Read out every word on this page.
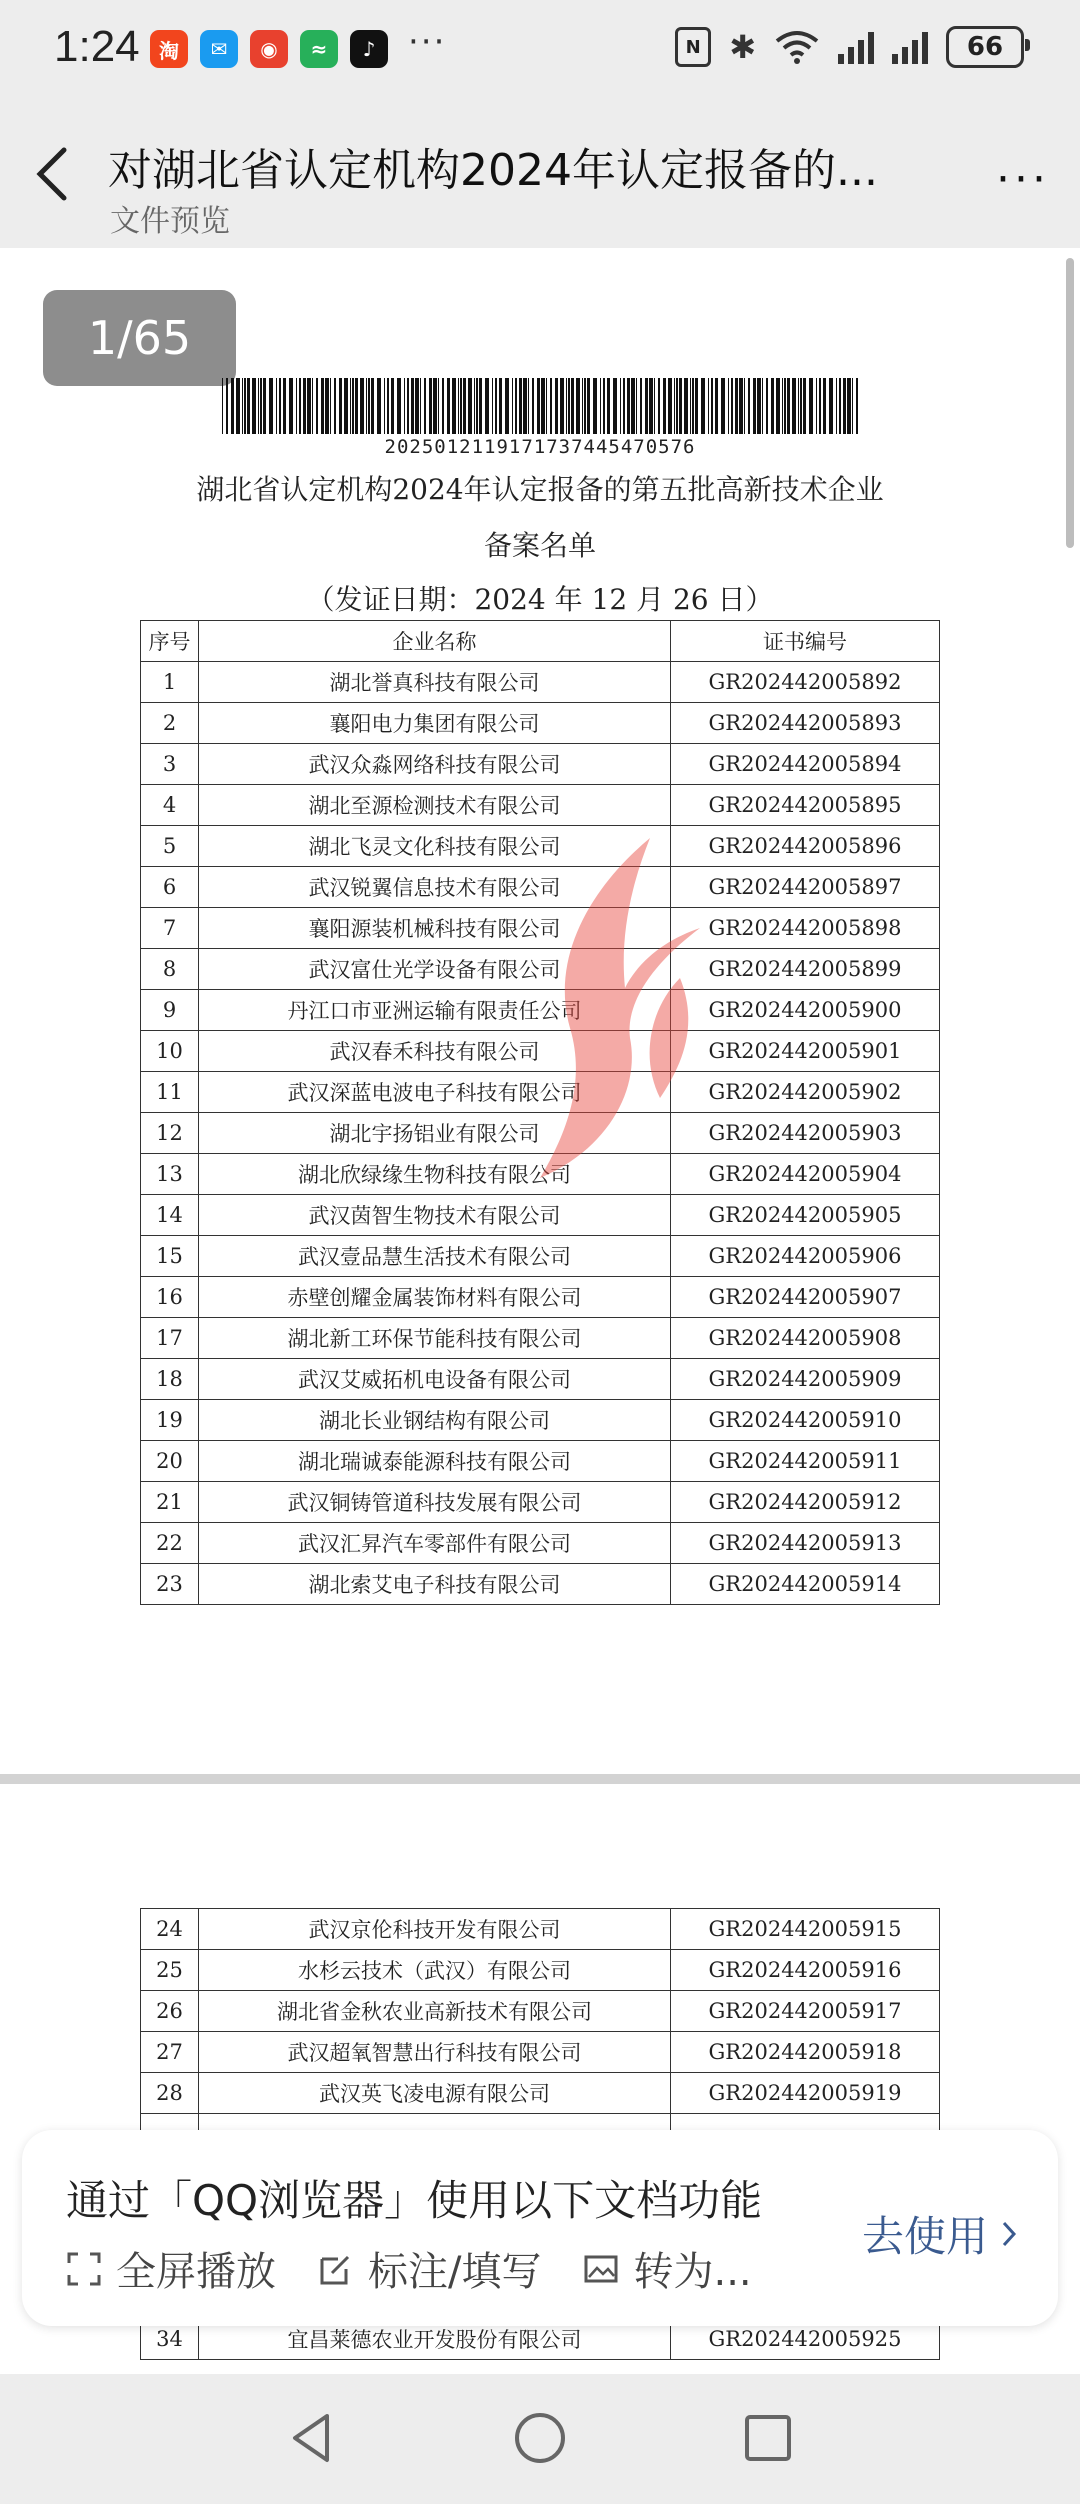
1:24 淘	✉	◉	≈	♪ ···	N ✱	66
对湖北省认定机构2024年认定报备的...
文件预览
···
1/65
20250121191717374454705​76
湖北省认定机构2024年认定报备的第五批高新技术企业
备案名单
（发证日期：2024 年 12 月 26 日）
序号	企业名称	证书编号
1	湖北誉真科技有限公司	GR202442005892
2	襄阳电力集团有限公司	GR202442005893
3	武汉众淼网络科技有限公司	GR202442005894
4	湖北至源检测技术有限公司	GR202442005895
5	湖北飞灵文化科技有限公司	GR202442005896
6	武汉锐翼信息技术有限公司	GR202442005897
7	襄阳源装机械科技有限公司	GR202442005898
8	武汉富仕光学设备有限公司	GR202442005899
9	丹江口市亚洲运输有限责任公司	GR202442005900
10	武汉春禾科技有限公司	GR202442005901
11	武汉深蓝电波电子科技有限公司	GR202442005902
12	湖北宇扬铝业有限公司	GR202442005903
13	湖北欣绿缘生物科技有限公司	GR202442005904
14	武汉茵智生物技术有限公司	GR202442005905
15	武汉壹品慧生活技术有限公司	GR202442005906
16	赤壁创耀金属装饰材料有限公司	GR202442005907
17	湖北新工环保节能科技有限公司	GR202442005908
18	武汉艾威拓机电设备有限公司	GR202442005909
19	湖北长业钢结构有限公司	GR202442005910
20	湖北瑞诚泰能源科技有限公司	GR202442005911
21	武汉铜铸管道科技发展有限公司	GR202442005912
22	武汉汇昇汽车零部件有限公司	GR202442005913
23	湖北索艾电子科技有限公司	GR202442005914
24	武汉京伦科技开发有限公司	GR202442005915
25	水杉云技术（武汉）有限公司	GR202442005916
26	湖北省金秋农业高新技术有限公司	GR202442005917
27	武汉超氧智慧出行科技有限公司	GR202442005918
28	武汉英飞凌电源有限公司	GR202442005919

34	宜昌莱德农业开发股份有限公司	GR202442005925
通过「QQ浏览器」使用以下文档功能
全屏播放 标注/填写 转为...
去使用
